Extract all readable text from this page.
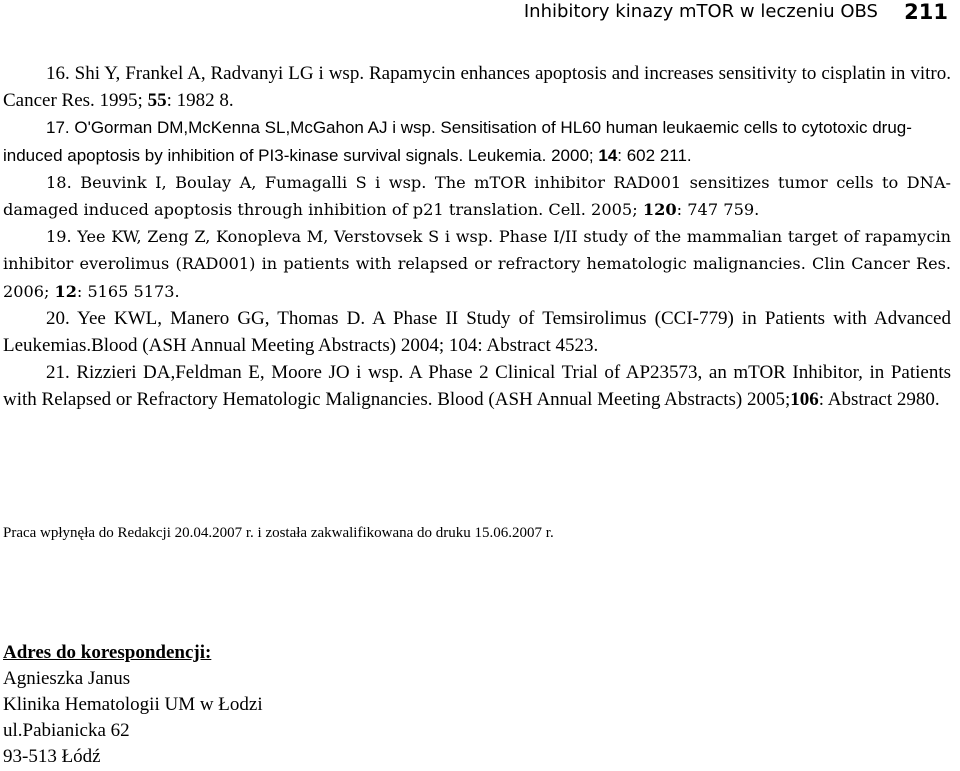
Inhibitory kinazy mTOR w leczeniu OBS 211

16. Shi Y, Frankel A, Radvanyi LG i wsp. Rapamycin enhances apoptosis and increases sensitivity to cisplatin in vitro. Cancer Res. 1995; 55: 1982 8.

17. O'Gorman DM,McKenna SL,McGahon AJ i wsp. Sensitisation of HL60 human leukaemic cells to cytotoxic drug-induced apoptosis by inhibition of PI3-kinase survival signals. Leukemia. 2000; 14: 602 211.

18. Beuvink I, Boulay A, Fumagalli S i wsp. The mTOR inhibitor RAD001 sensitizes tumor cells to DNA-damaged induced apoptosis through inhibition of p21 translation. Cell. 2005; 120: 747 759.

19. Yee KW, Zeng Z, Konopleva M, Verstovsek S i wsp. Phase I/II study of the mammalian target of rapamycin inhibitor everolimus (RAD001) in patients with relapsed or refractory hematologic malignancies. Clin Cancer Res. 2006; 12: 5165 5173.

20. Yee KWL, Manero GG, Thomas D. A Phase II Study of Temsirolimus (CCI-779) in Patients with Advanced Leukemias.Blood (ASH Annual Meeting Abstracts) 2004; 104: Abstract 4523.

21. Rizzieri DA,Feldman E, Moore JO i wsp. A Phase 2 Clinical Trial of AP23573, an mTOR Inhibitor, in Patients with Relapsed or Refractory Hematologic Malignancies. Blood (ASH Annual Meeting Abstracts) 2005;106: Abstract 2980.

Praca wpłynęła do Redakcji 20.04.2007 r. i została zakwalifikowana do druku 15.06.2007 r.
Adres do korespondencji:
Agnieszka Janus
Klinika Hematologii UM w Łodzi
ul.Pabianicka 62
93-513 Łódź
